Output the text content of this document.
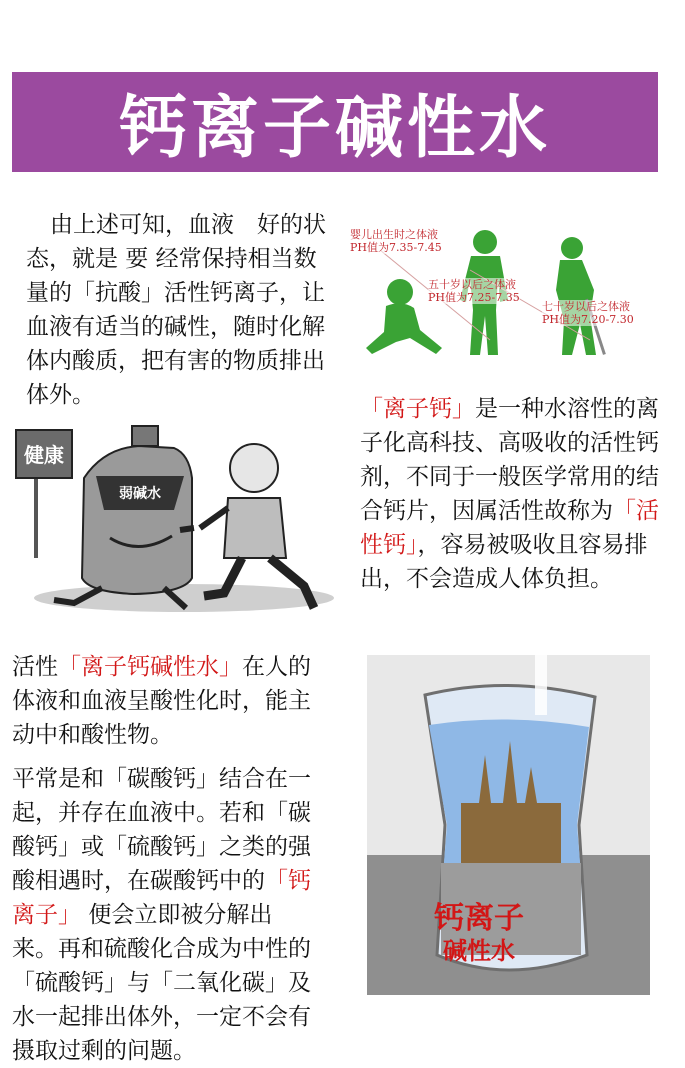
钙离子碱性水

由上述可知，血液　好的状态，就是 要 经常保持相当数量的「抗酸」活性钙离子，让血液有适当的碱性，随时化解体内酸质，把有害的物质排出体外。

婴儿出生时之体液
PH值为7.35-7.45
五十岁以后之体液
PH值为7.25-7.35
七十岁以后之体液
PH值为7.20-7.30
健康
弱碱水

「离子钙」是一种水溶性的离子化高科技、高吸收的活性钙剂，不同于一般医学常用的结合钙片，因属活性故称为「活性钙」，容易被吸收且容易排出，不会造成人体负担。

活性「离子钙碱性水」在人的体液和血液呈酸性化时，能主动中和酸性物。

钙离子
碱性水
平常是和「碳酸钙」结合在一起，并存在血液中。若和「碳酸钙」或「硫酸钙」之类的强酸相遇时，在碳酸钙中的「钙离子」 便会立即被分解出来。再和硫酸化合成为中性的「硫酸钙」与「二氧化碳」及水一起排出体外，一定不会有摄取过剩的问题。
